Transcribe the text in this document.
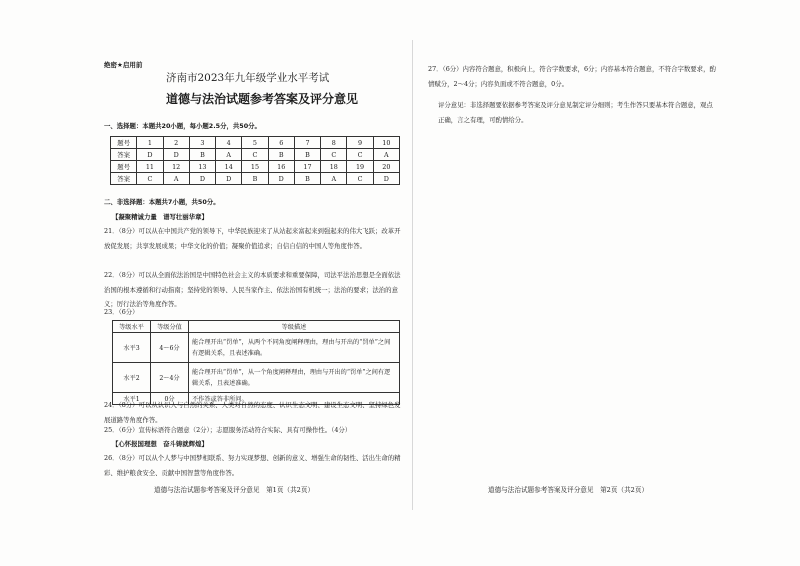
绝密★启用前
济南市2023年九年级学业水平考试
道德与法治试题参考答案及评分意见
一、选择题：本题共20小题，每小题2.5分，共50分。
题号	1	2	3	4	5	6	7	8	9	10
答案	D	D	B	A	C	B	B	C	C	A
题号	11	12	13	14	15	16	17	18	19	20
答案	C	A	D	D	B	D	B	A	C	D
二、非选择题：本题共7小题，共50分。
【凝聚精诚力量　谱写壮丽华章】
21．（8分）可以从在中国共产党的领导下，中华民族迎来了从站起来富起来到强起来的伟大飞跃；改革开放促发展；共享发展成果；中华文化的价值；凝聚价值追求；自信自信的中国人等角度作答。
22．（8分）可以从全面依法治国是中国特色社会主义的本质要求和重要保障，司法平法治思想是全面依法治国的根本遵循和行动指南；坚持党的领导、人民当家作主、依法治国有机统一；法治的要求；法治的意义；厉行法治等角度作答。
23．（6分）
等级水平	等级分值	等级描述
水平3	4～6分	能合理开出“罚单”，从两个不同角度阐释理由，理由与开出的“罚单”之间有逻辑关系，且表述准确。
水平2	2～4分	能合理开出“罚单”，从一个角度阐释理由，理由与开出的“罚单”之间有逻辑关系，且表述准确。
水平1	0分	不作答或答非所问。
24．（8分）可以从认识人与自然的关系、人类对自然的态度、认识生态文明、建设生态文明、坚持绿色发展道路等角度作答。
25．（6分）宣传标语符合题意（2分）；志愿服务活动符合实际、具有可操作性。（4分）
【心怀报国理想　奋斗铸就辉煌】
26．（8分）可以从个人梦与中国梦相联系、努力实现梦想、创新的意义、增强生命的韧性、活出生命的精彩、维护粮食安全、贡献中国智慧等角度作答。
道德与法治试题参考答案及评分意见　第1页（共2页）
27．（6分）内容符合题意，积极向上，符合字数要求，6分；内容基本符合题意，不符合字数要求，酌情赋分，2～4分；内容负面或不符合题意，0分。
评分意见：非选择题要依据参考答案及评分意见制定评分细则；考生作答只要基本符合题意，观点正确，言之有理，可酌情给分。
道德与法治试题参考答案及评分意见　第2页（共2页）
